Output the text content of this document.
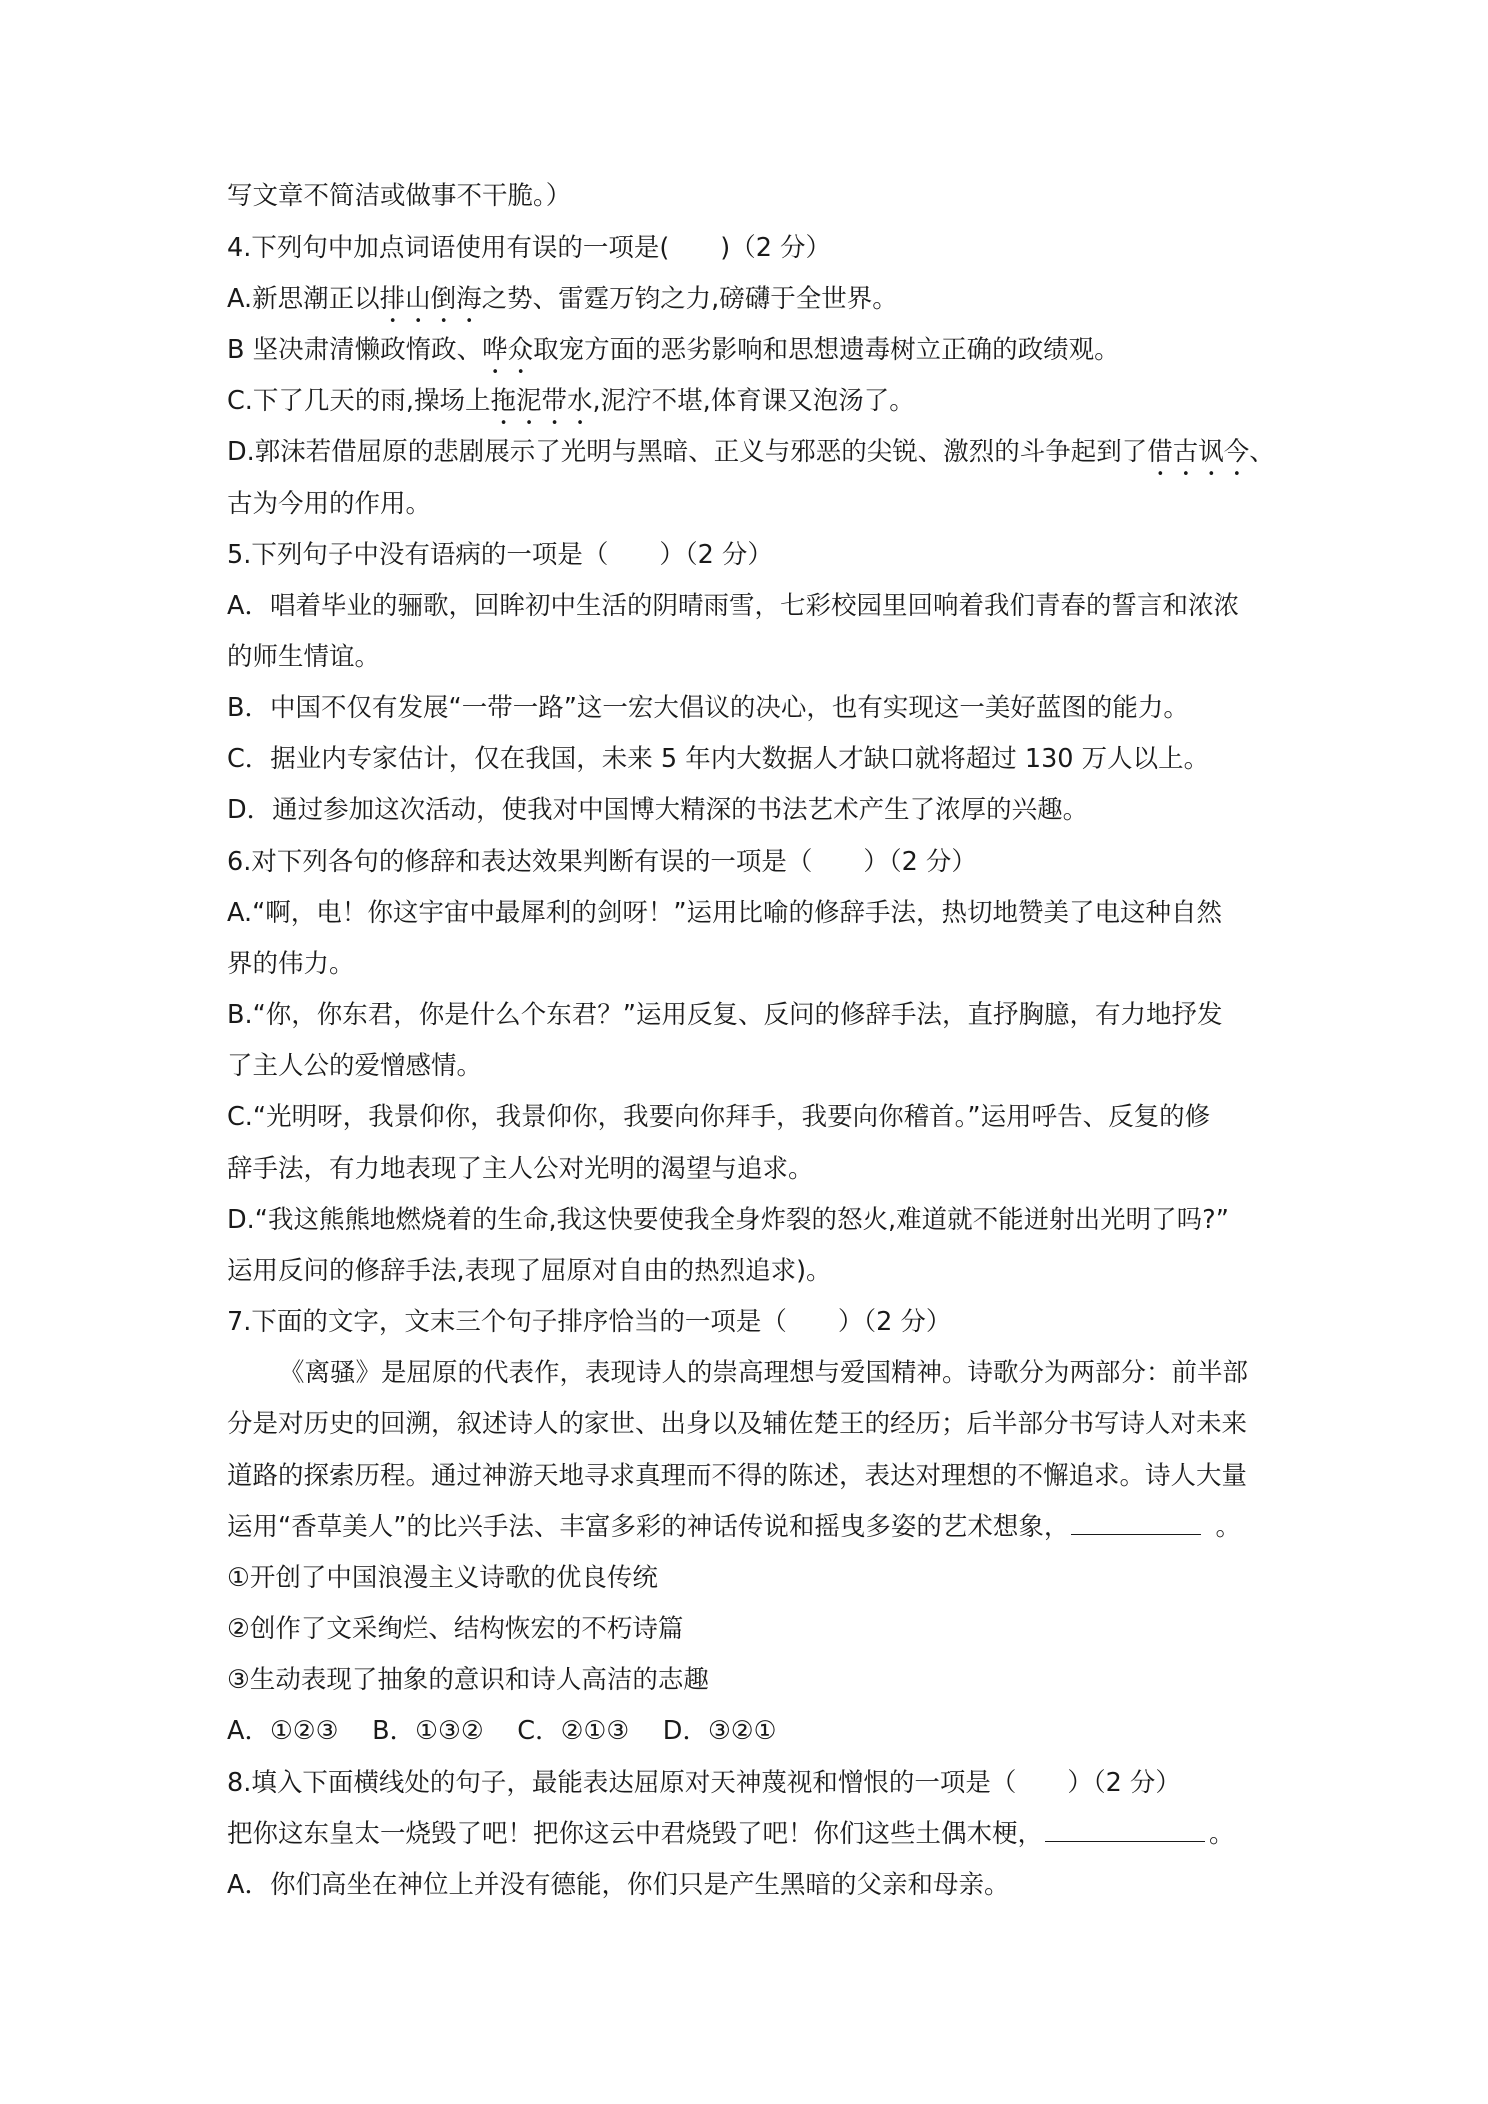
写文章不简洁或做事不干脆。）
4.下列句中加点词语使用有误的一项是(　　)（2 分）
A.新思潮正以排山倒海之势、雷霆万钧之力,磅礴于全世界。
B 坚决肃清懒政惰政、哗众取宠方面的恶劣影响和思想遗毒树立正确的政绩观。
C.下了几天的雨,操场上拖泥带水,泥泞不堪,体育课又泡汤了。
D.郭沫若借屈原的悲剧展示了光明与黑暗、正义与邪恶的尖锐、激烈的斗争起到了借古讽今、
古为今用的作用。
5.下列句子中没有语病的一项是（　　）（2 分）
A．唱着毕业的骊歌，回眸初中生活的阴晴雨雪，七彩校园里回响着我们青春的誓言和浓浓
的师生情谊。
B．中国不仅有发展“一带一路”这一宏大倡议的决心，也有实现这一美好蓝图的能力。
C．据业内专家估计，仅在我国，未来 5 年内大数据人才缺口就将超过 130 万人以上。
D．通过参加这次活动，使我对中国博大精深的书法艺术产生了浓厚的兴趣。
6.对下列各句的修辞和表达效果判断有误的一项是（　　）（2 分）
A.“啊，电！你这宇宙中最犀利的剑呀！”运用比喻的修辞手法，热切地赞美了电这种自然
界的伟力。
B.“你，你东君，你是什么个东君？”运用反复、反问的修辞手法，直抒胸臆，有力地抒发
了主人公的爱憎感情。
C.“光明呀，我景仰你，我景仰你，我要向你拜手，我要向你稽首。”运用呼告、反复的修
辞手法，有力地表现了主人公对光明的渴望与追求。
D.“我这熊熊地燃烧着的生命,我这快要使我全身炸裂的怒火,难道就不能迸射出光明了吗?”
运用反问的修辞手法,表现了屈原对自由的热烈追求)。
7.下面的文字，文末三个句子排序恰当的一项是（　　）（2 分）
《离骚》是屈原的代表作，表现诗人的崇高理想与爱国精神。诗歌分为两部分：前半部
分是对历史的回溯，叙述诗人的家世、出身以及辅佐楚王的经历；后半部分书写诗人对未来
道路的探索历程。通过神游天地寻求真理而不得的陈述，表达对理想的不懈追求。诗人大量
运用“香草美人”的比兴手法、丰富多彩的神话传说和摇曳多姿的艺术想象，	。
①开创了中国浪漫主义诗歌的优良传统
②创作了文采绚烂、结构恢宏的不朽诗篇
③生动表现了抽象的意识和诗人高洁的志趣
A．①②③　 B．①③②　 C．②①③　 D．③②①
8.填入下面横线处的句子，最能表达屈原对天神蔑视和憎恨的一项是（　　）（2 分）
把你这东皇太一烧毁了吧！把你这云中君烧毁了吧！你们这些土偶木梗，	。
A．你们高坐在神位上并没有德能，你们只是产生黑暗的父亲和母亲。
